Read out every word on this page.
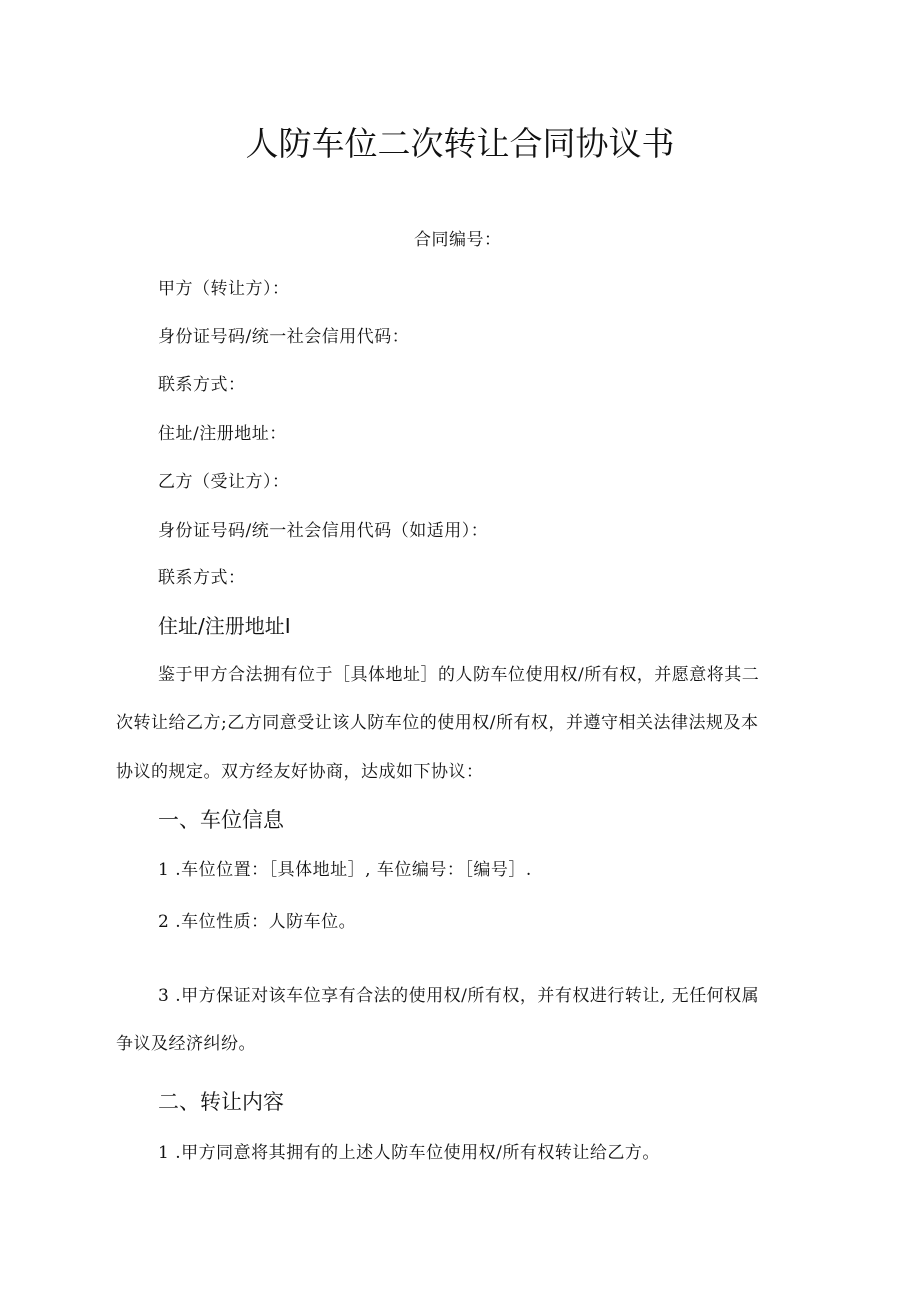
人防车位二次转让合同协议书
合同编号：
甲方（转让方）：
身份证号码/统一社会信用代码：
联系方式：
住址/注册地址：
乙方（受让方）：
身份证号码/统一社会信用代码（如适用）：
联系方式：
住址/注册地址I
鉴于甲方合法拥有位于［具体地址］的人防车位使用权/所有权，并愿意将其二
次转让给乙方;乙方同意受让该人防车位的使用权/所有权，并遵守相关法律法规及本
协议的规定。双方经友好协商，达成如下协议：
一、车位信息
1 .车位位置：［具体地址］, 车位编号：［编号］.
2 .车位性质：人防车位。
3 .甲方保证对该车位享有合法的使用权/所有权，并有权进行转让, 无任何权属
争议及经济纠纷。
二、转让内容
1 .甲方同意将其拥有的上述人防车位使用权/所有权转让给乙方。
